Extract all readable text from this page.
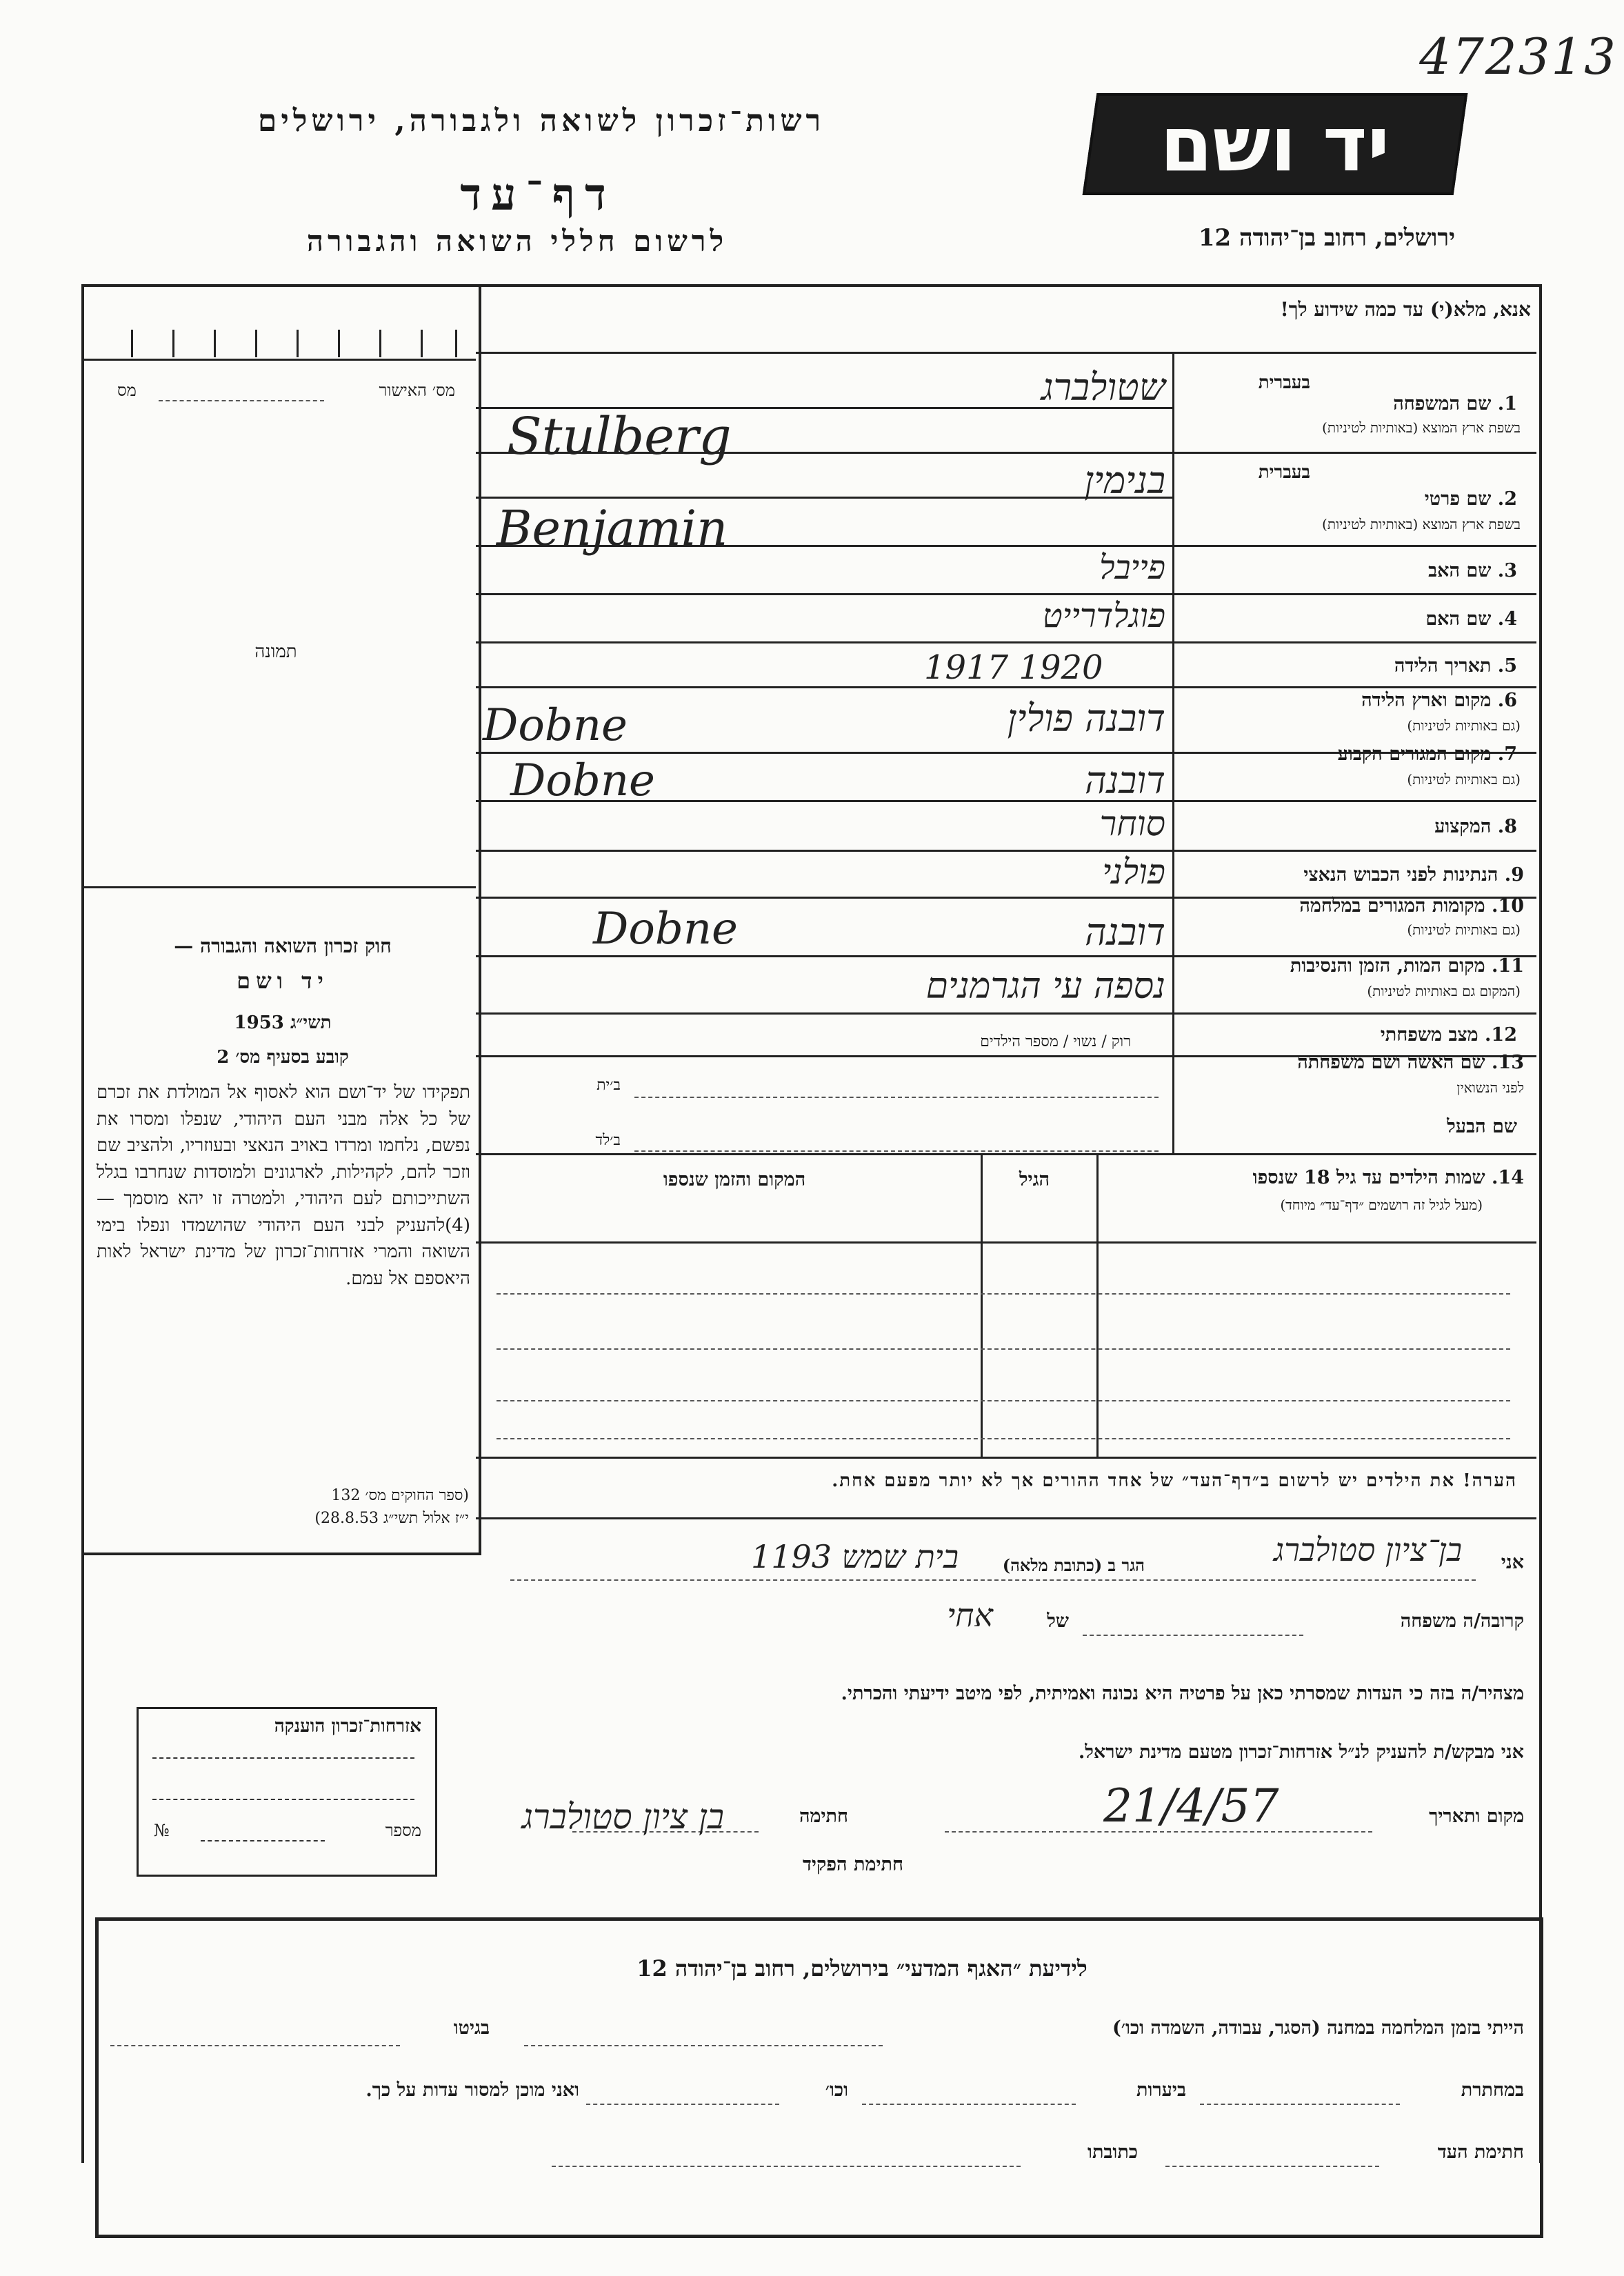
472313
רשות־זכרון לשואה ולגבורה, ירושלים	יד ושם
דף־עד
לרשום חללי השואה והגבורה	ירושלים, רחוב בן־יהודה 12
מס׳ האישור
מס
תמונה
חוק זכרון השואה והגבורה —
יד ושם
תשי״ג 1953
קובע בסעיף מס׳ 2
תפקידו של יד־ושם הוא לאסוף אל המולדת את זכרם של כל אלה מבני העם היהודי, שנפלו ומסרו את נפשם, נלחמו ומרדו באויב הנאצי ובעוזריו, ולהציב שם וזכר להם, לקהילות, לארגונים ולמוסדות שנחרבו בגלל השתייכותם לעם היהודי, ולמטרה זו יהא מוסמך — (4)להעניק לבני העם היהודי שהושמדו ונפלו בימי השואה והמרי אזרחות־זכרון של מדינת ישראל לאות היאספם אל עמם.
(ספר החוקים מס׳ 132
י״ז אלול תשי״ג 28.8.53)
אנא, מלא(י) עד כמה שידוע לך!
בעברית
1. שם המשפחה
בשפת ארץ המוצא (באותיות לטיניות)
שטולברג
Stulberg
בעברית
2. שם פרטי
בשפת ארץ המוצא (באותיות לטיניות)
בנימין
Benjamin
3. שם האב
פייבל
4. שם האם
פוגלדרייט
5. תאריך הלידה
1917 1920
6. מקום וארץ הלידה
(גם באותיות לטיניות)
Dobne	דובנה פולין
7. מקום המגורים הקבוע
(גם באותיות לטיניות)
Dobne	דובנה
8. המקצוע
סוחר
9. הנתינות לפני הכבוש הנאצי
פולני
10. מקומות המגורים במלחמה
(גם באותיות לטיניות)
Dobne	דובנה
11. מקום המות, הזמן והנסיבות
(המקום גם באותיות לטיניות)
נספה עי הגרמנים
12. מצב משפחתי
רוק / נשוי / מספר הילדים
13. שם האשה ושם משפחתה
לפני הנשואין
ב׳ית
שם הבעל
ב׳לד
14. שמות הילדים עד גיל 18 שנספו
(מעל לגיל זה רושמים ״דף־עד״ מיוחד)
הגיל
המקום והזמן שנספו
הערה! את הילדים יש לרשום ב״דף־העד״ של אחד ההורים אך לא יותר מפעם אחת.
אני
בן־ציון סטולברג
הגר ב (כתובת מלאה)
בית שמש 1193
קרובה/ה משפחה
של
אחי
מצהיר/ה בזה כי העדות שמסרתי כאן על פרטיה היא נכונה ואמיתית, לפי מיטב ידיעתי והכרתי.
אני מבקש/ת להעניק לנ״ל אזרחות־זכרון מטעם מדינת ישראל.
מקום ותאריך
21/4/57
חתימה
בן ציון סטולברג
חתימת הפקיד
אזרחות־זכרון הוענקה
מספר
№
לידיעת ״האגף המדעי״ בירושלים, רחוב בן־יהודה 12
הייתי בזמן המלחמה במחנה (הסגר, עבודה, השמדה וכו׳)
בגיטו
במחתרת
ביערות
וכו׳
ואני מוכן למסור עדות על כך.
חתימת העד
כתובתו
